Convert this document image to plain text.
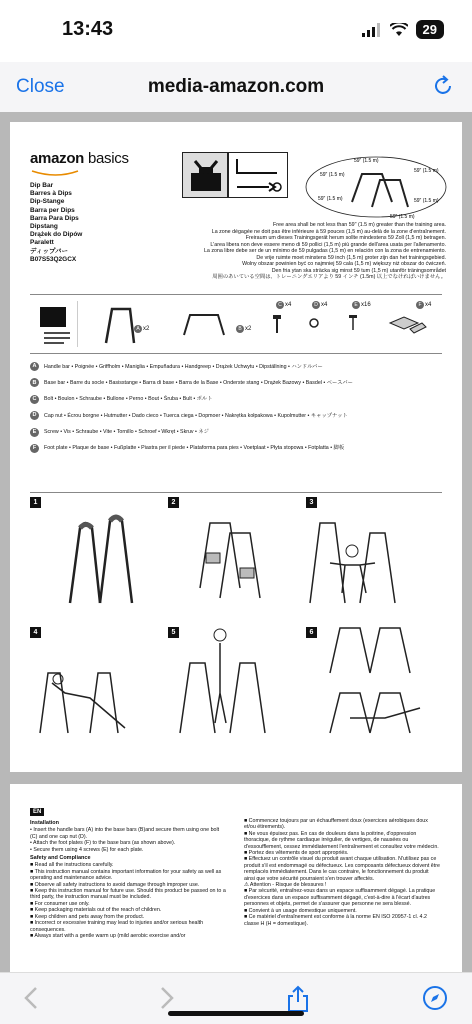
13:43	29
Close	media-amazon.com
amazon basics
Dip Bar
Barres à Dips
Dip-Stange
Barra per Dips
Barra Para Dips
Dipstang
Drążek do Dipów
Paralett
ディップバー
B07S53Q2GCX
59" (1.5 m)
59" (1.5 m)
59" (1.5 m)
59" (1.5 m)
59" (1.5 m)
59" (1.5 m)
Free area shall be not less than 59" (1.5 m) greater than the training area.
La zone dégagée ne doit pas être inférieure à 59 pouces (1,5 m) au-delà de la zone d'entraînement.
Freiraum um dieses Trainingsgerät herum sollte mindestens 59 Zoll (1,5 m) betragen.
L'area libera non deve essere meno di 59 pollici (1,5 m) più grande dell'area usata per l'allenamento.
La zona libre debe ser de un mínimo de 59 pulgadas (1,5 m) en relación con la zona de entrenamiento.
De vrije ruimte moet minstens 59 inch (1,5 m) groter zijn dan het trainingsgebied.
Wolny obszar powinien być co najmniej 59 cala (1,5 m) większy niż obszar do ćwiczeń.
Den fria ytan ska sträcka sig minst 59 tum (1,5 m) utanför träningsområdet
周囲のあいている空間は、トレーニングエリアより 59 インチ (1.5m) 以上でなければいけません。
A x2	B x2
C x4	D x4	E x16	F x4
A	Handle bar • Poignée • Griffholm • Maniglia • Empuñadura • Handgreep • Drążek Uchwytu • Dipställning • ハンドルバー
B	Base bar • Barre du socle • Basisstange • Barra di base • Barra de la Base • Onderste stang • Drążek Bazowy • Basdel • ベースバー
C	Bolt • Boulon • Schraube • Bullone • Perno • Bout • Śruba • Bult • ボルト
D	Cap nut • Écrou borgne • Hutmutter • Dado cieco • Tuerca ciega • Dopmoer • Nakrętka kołpakowa • Kupolmutter • キャップナット
E	Screw • Vis • Schraube • Vite • Tornillo • Schroef • Wkręt • Skruv • ネジ
F	Foot plate • Plaque de base • Fußplatte • Piastra per il piede • Plataforma para pies • Voetplaat • Płyta stopowa • Fotplatta • 脚板
1	2	3
4	5	6
EN
Installation

• Insert the handle bars (A) into the base bars (B)and secure them using one bolt (C) and one cap nut (D).

• Attach the foot plates (F) to the base bars (as shown above).

• Secure them using 4 screws (E) for each plate.

Safety and Compliance

■ Read all the instructions carefully.

■ This instruction manual contains important information for your safety as well as operating and maintenance advice.

■ Observe all safety instructions to avoid damage through improper use.

■ Keep this instruction manual for future use. Should this product be passed on to a third party, the instruction manual must be included.

■ For consumer use only.

■ Keep packaging materials out of the reach of children.

■ Keep children and pets away from the product.

■ Incorrect or excessive training may lead to injuries and/or serious health consequences.

■ Always start with a gentle warm up (mild aerobic exercise and/or

■ Commencez toujours par un échauffement doux (exercices aérobiques doux et/ou étirements).

■ Ne vous épuisez pas. En cas de douleurs dans la poitrine, d'oppression thoracique, de rythme cardiaque irrégulier, de vertiges, de nausées ou d'essoufflement, cessez immédiatement l'entraînement et consultez votre médecin.

■ Portez des vêtements de sport appropriés.

■ Effectuez un contrôle visuel du produit avant chaque utilisation. N'utilisez pas ce produit s'il est endommagé ou défectueux. Les composants défectueux doivent être remplacés immédiatement. Dans le cas contraire, le fonctionnement du produit ainsi que votre sécurité pourraient s'en trouver affectés.

⚠ Attention - Risque de blessures !

■ Par sécurité, entraînez-vous dans un espace suffisamment dégagé. La pratique d'exercices dans un espace suffisamment dégagé, c'est-à-dire à l'écart d'autres personnes et objets, permet de s'assurer que personne ne sera blessé.

■ Convient à un usage domestique uniquement.

■ Ce matériel d'entraînement est conforme à la norme EN ISO 20957-1 cl. 4.2 classe H (H = domestique).
